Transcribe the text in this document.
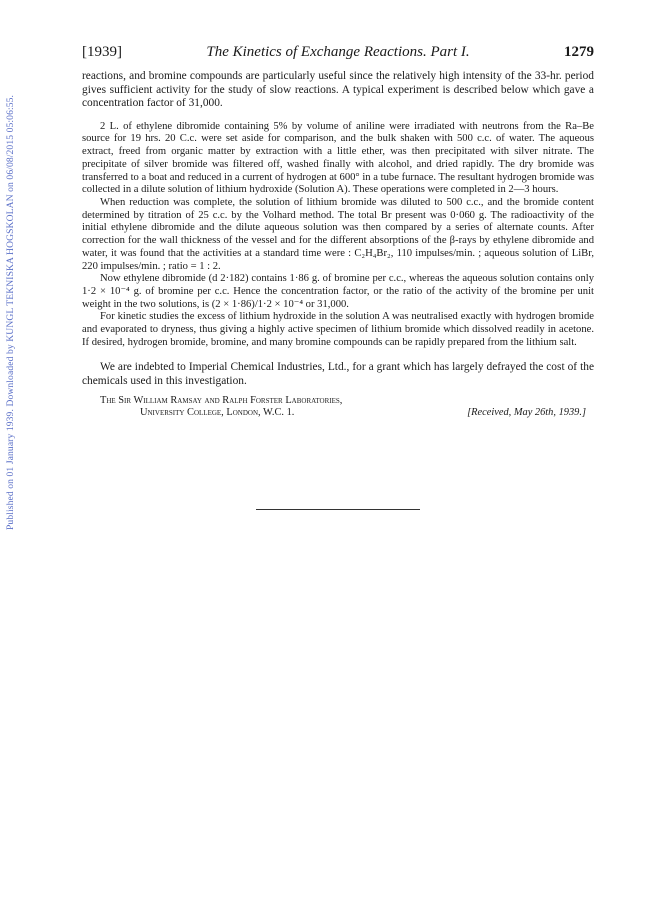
Published on 01 January 1939. Downloaded by KUNGL TEKNISKA HOGSKOLAN on 06/08/2015 05:06:55.
[1939]	The Kinetics of Exchange Reactions. Part I.	1279

reactions, and bromine compounds are particularly useful since the relatively high intensity of the 33-hr. period gives sufficient activity for the study of slow reactions. A typical experiment is described below which gave a concentration factor of 31,000.

2 L. of ethylene dibromide containing 5% by volume of aniline were irradiated with neutrons from the Ra–Be source for 19 hrs. 20 C.c. were set aside for comparison, and the bulk shaken with 500 c.c. of water. The aqueous extract, freed from organic matter by extraction with a little ether, was then precipitated with silver nitrate. The precipitate of silver bromide was filtered off, washed finally with alcohol, and dried rapidly. The dry bromide was transferred to a boat and reduced in a current of hydrogen at 600° in a tube furnace. The resultant hydrogen bromide was collected in a dilute solution of lithium hydroxide (Solution A). These operations were completed in 2—3 hours.

When reduction was complete, the solution of lithium bromide was diluted to 500 c.c., and the bromide content determined by titration of 25 c.c. by the Volhard method. The total Br present was 0·060 g. The radioactivity of the initial ethylene dibromide and the dilute aqueous solution was then compared by a series of alternate counts. After correction for the wall thickness of the vessel and for the different absorptions of the β-rays by ethylene dibromide and water, it was found that the activities at a standard time were : C₂H₄Br₂, 110 impulses/min. ; aqueous solution of LiBr, 220 impulses/min. ; ratio = 1 : 2.

Now ethylene dibromide (d 2·182) contains 1·86 g. of bromine per c.c., whereas the aqueous solution contains only 1·2 × 10⁻⁴ g. of bromine per c.c. Hence the concentration factor, or the ratio of the activity of the bromine per unit weight in the two solutions, is (2 × 1·86)/1·2 × 10⁻⁴ or 31,000.

For kinetic studies the excess of lithium hydroxide in the solution A was neutralised exactly with hydrogen bromide and evaporated to dryness, thus giving a highly active specimen of lithium bromide which dissolved readily in acetone. If desired, hydrogen bromide, bromine, and many bromine compounds can be rapidly prepared from the lithium salt.

We are indebted to Imperial Chemical Industries, Ltd., for a grant which has largely defrayed the cost of the chemicals used in this investigation.

The Sir William Ramsay and Ralph Forster Laboratories,
University College, London, W.C. 1.	[Received, May 26th, 1939.]
